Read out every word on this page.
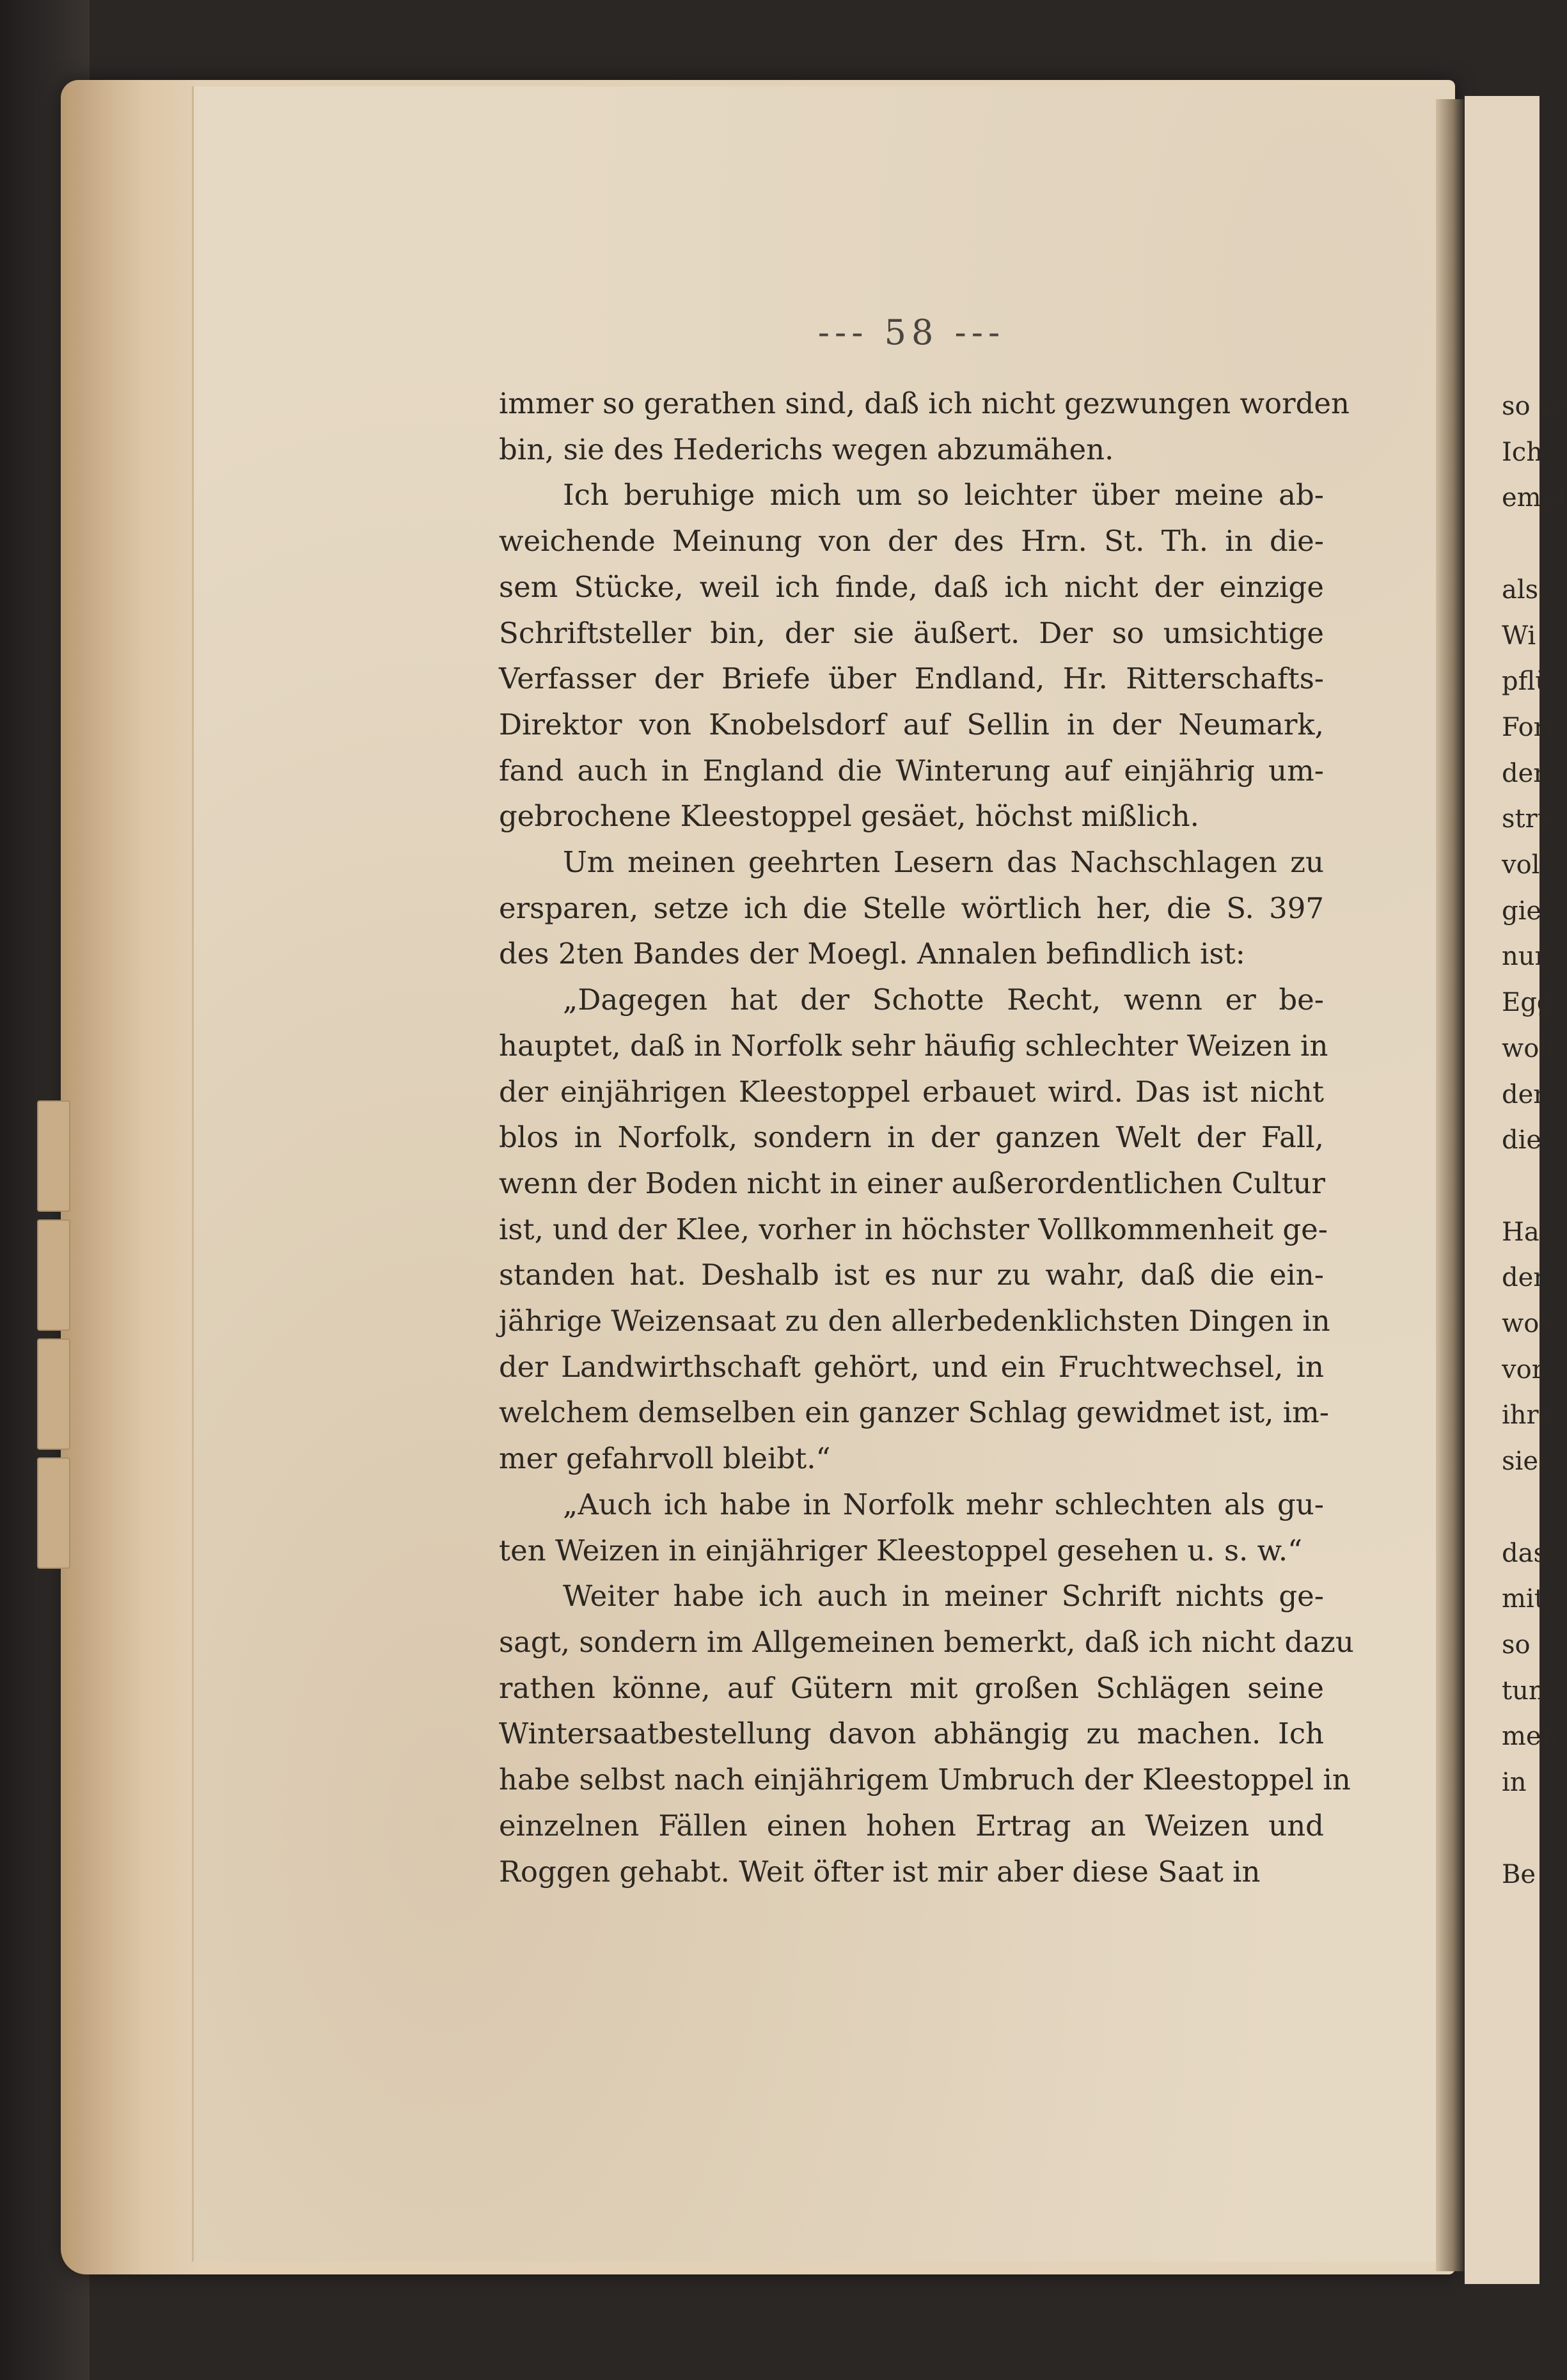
--- 58 ---
immer so gerathen sind, daß ich nicht gezwungen worden
bin, sie des Hederichs wegen abzumähen.
Ich beruhige mich um so leichter über meine ab-
weichende Meinung von der des Hrn. St. Th. in die-
sem Stücke, weil ich finde, daß ich nicht der einzige
Schriftsteller bin, der sie äußert. Der so umsichtige
Verfasser der Briefe über Endland, Hr. Ritterschafts-
Direktor von Knobelsdorf auf Sellin in der Neumark,
fand auch in England die Winterung auf einjährig um-
gebrochene Kleestoppel gesäet, höchst mißlich.
Um meinen geehrten Lesern das Nachschlagen zu
ersparen, setze ich die Stelle wörtlich her, die S. 397
des 2ten Bandes der Moegl. Annalen befindlich ist:
„Dagegen hat der Schotte Recht, wenn er be-
hauptet, daß in Norfolk sehr häufig schlechter Weizen in
der einjährigen Kleestoppel erbauet wird. Das ist nicht
blos in Norfolk, sondern in der ganzen Welt der Fall,
wenn der Boden nicht in einer außerordentlichen Cultur
ist, und der Klee, vorher in höchster Vollkommenheit ge-
standen hat. Deshalb ist es nur zu wahr, daß die ein-
jährige Weizensaat zu den allerbedenklichsten Dingen in
der Landwirthschaft gehört, und ein Fruchtwechsel, in
welchem demselben ein ganzer Schlag gewidmet ist, im-
mer gefahrvoll bleibt.“
„Auch ich habe in Norfolk mehr schlechten als gu-
ten Weizen in einjähriger Kleestoppel gesehen u. s. w.“
Weiter habe ich auch in meiner Schrift nichts ge-
sagt, sondern im Allgemeinen bemerkt, daß ich nicht dazu
rathen könne, auf Gütern mit großen Schlägen seine
Wintersaatbestellung davon abhängig zu machen. Ich
habe selbst nach einjährigem Umbruch der Kleestoppel in
einzelnen Fällen einen hohen Ertrag an Weizen und
Roggen gehabt. Weit öfter ist mir aber diese Saat in
so se
Ich
empf

als
Wi
pflü
Forr
der
stru
vol
gie
nur
Egg
woll
der
die

Ha
der
woh
vor
ihre
sie

das
mit
so
tun
meh
in

Be
